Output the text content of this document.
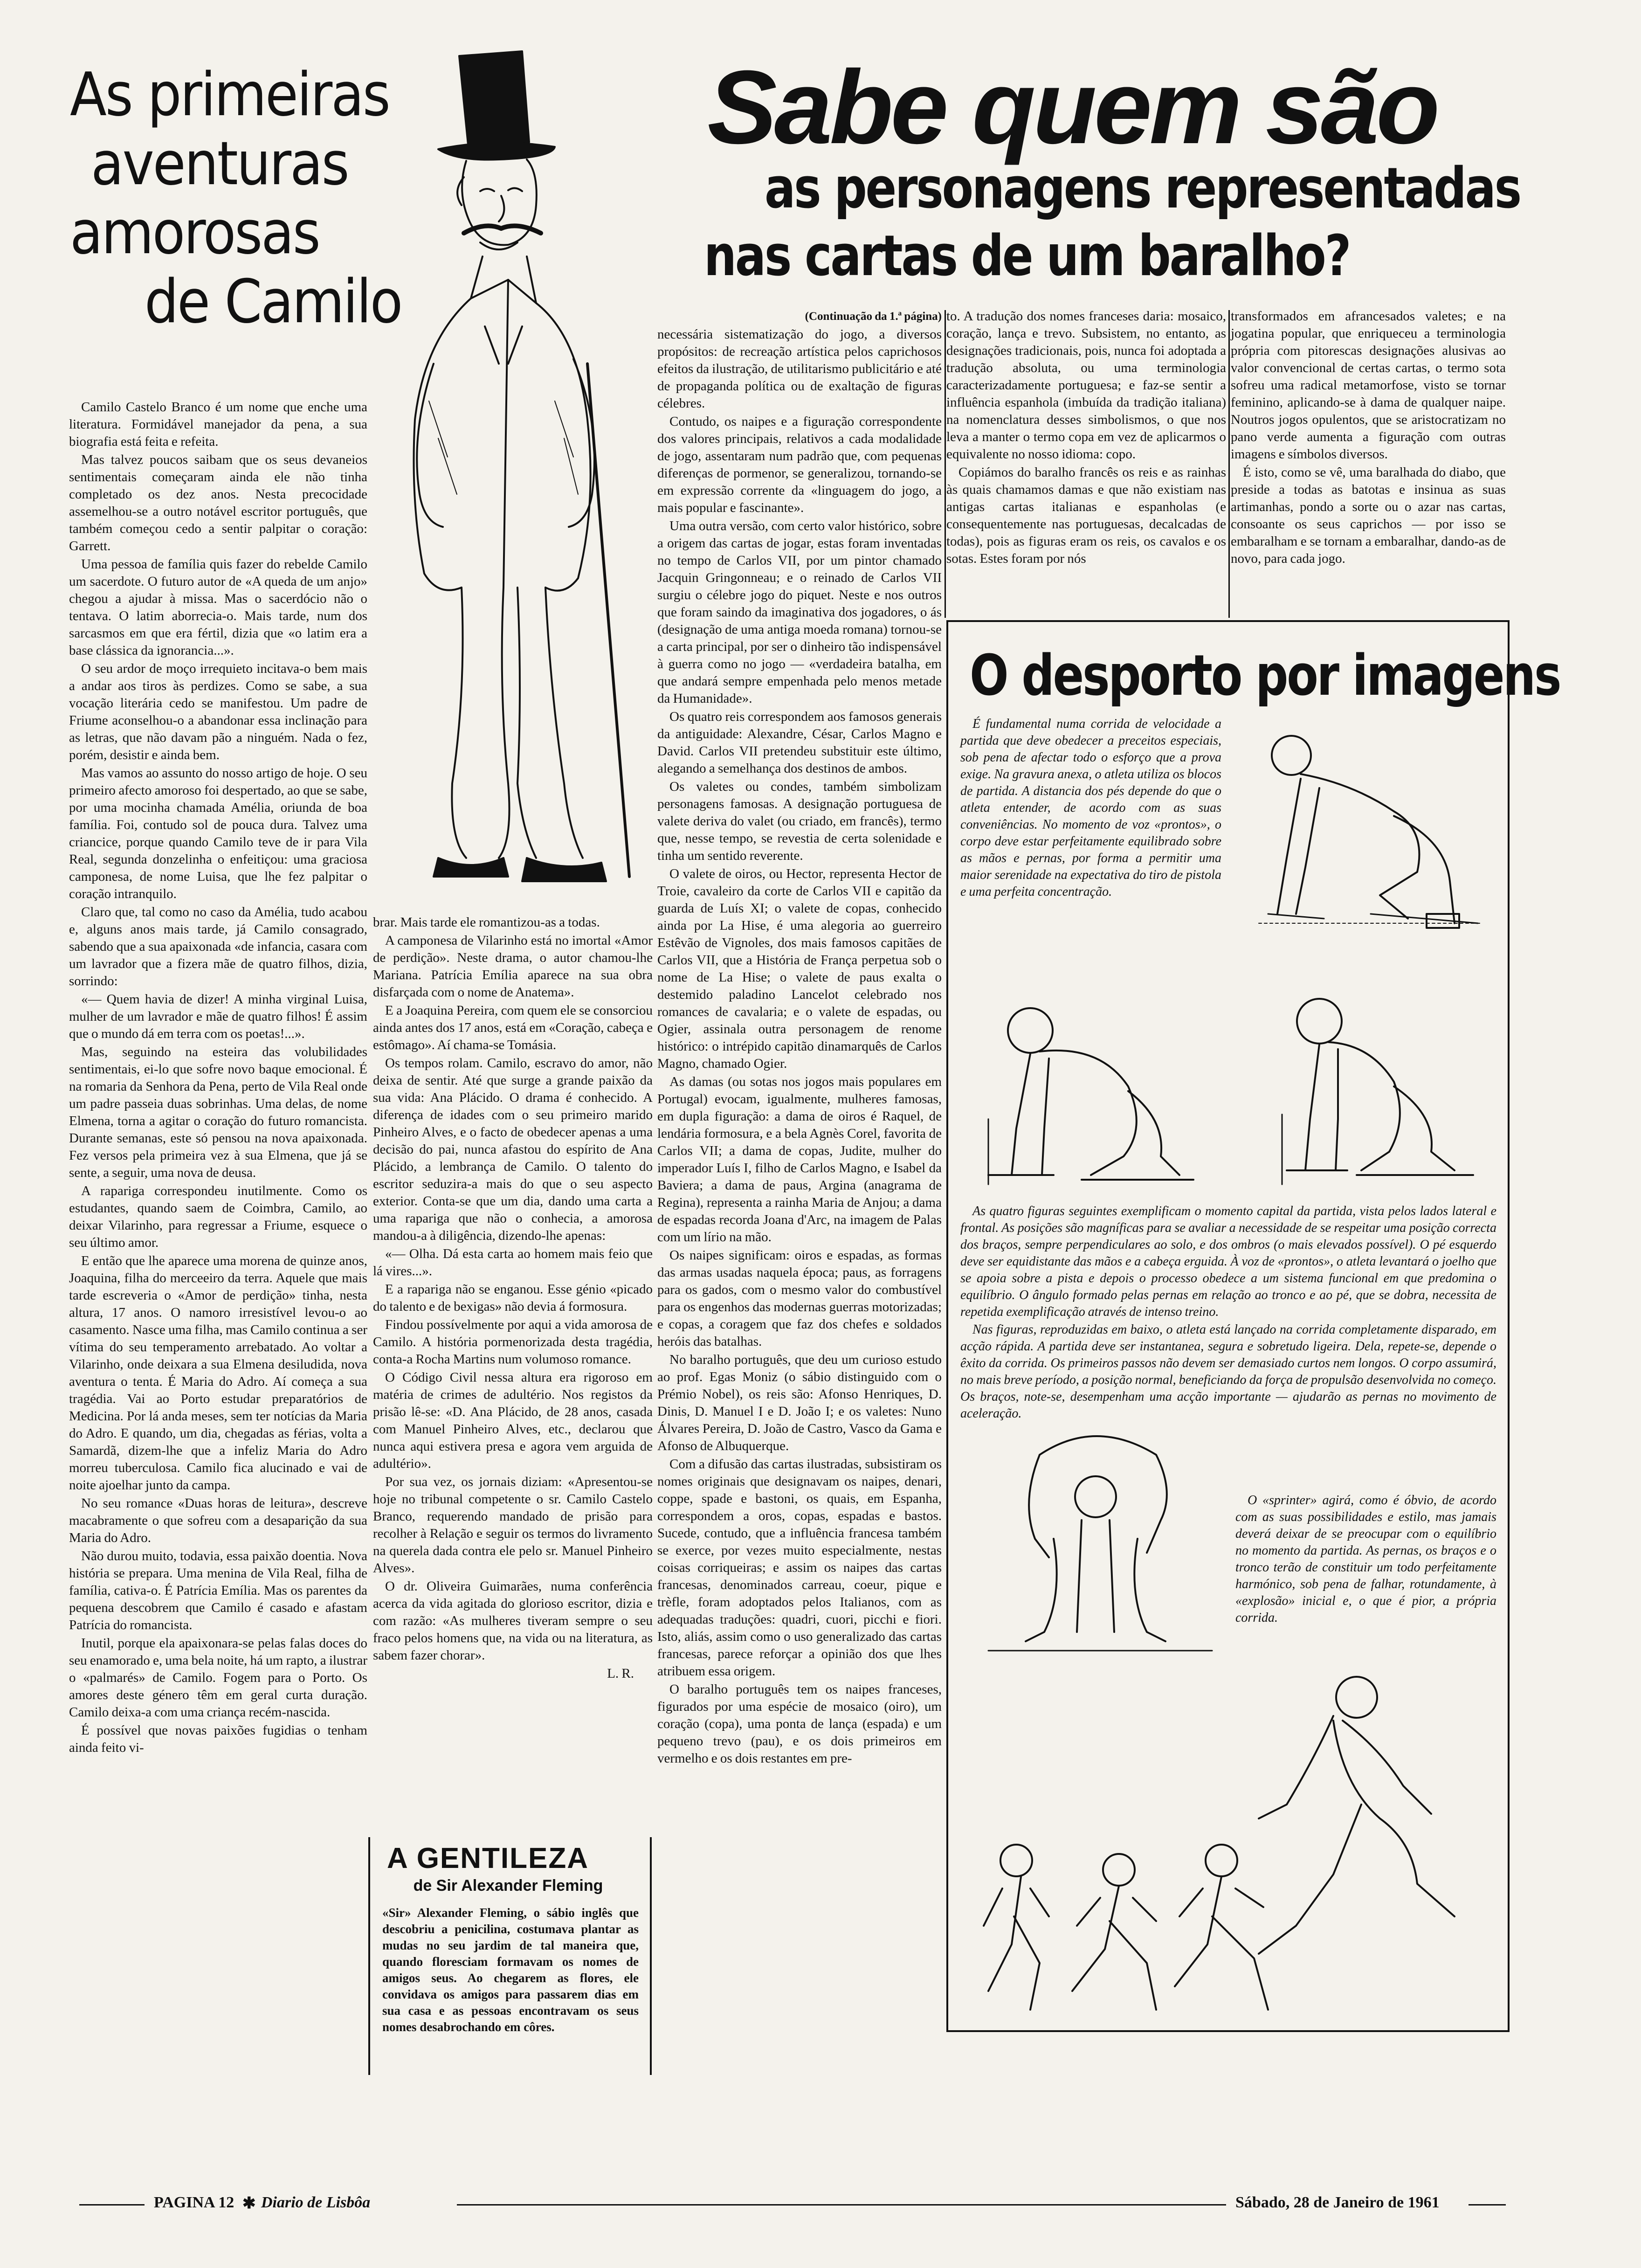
As primeiras
aventuras
amorosas
de Camilo

Camilo Castelo Branco é um nome que enche uma literatura. Formidável manejador da pena, a sua biografia está feita e refeita.

Mas talvez poucos saibam que os seus devaneios sentimentais começaram ainda ele não tinha completado os dez anos. Nesta precocidade assemelhou-se a outro notável escritor português, que também começou cedo a sentir palpitar o coração: Garrett.

Uma pessoa de família quis fazer do rebelde Camilo um sacerdote. O futuro autor de «A queda de um anjo» chegou a ajudar à missa. Mas o sacerdócio não o tentava. O latim aborrecia-o. Mais tarde, num dos sarcasmos em que era fértil, dizia que «o latim era a base clássica da ignorancia...».

O seu ardor de moço irrequieto incitava-o bem mais a andar aos tiros às perdizes. Como se sabe, a sua vocação literária cedo se manifestou. Um padre de Friume aconselhou-o a abandonar essa inclinação para as letras, que não davam pão a ninguém. Nada o fez, porém, desistir e ainda bem.

Mas vamos ao assunto do nosso artigo de hoje. O seu primeiro afecto amoroso foi despertado, ao que se sabe, por uma mocinha chamada Amélia, oriunda de boa família. Foi, contudo sol de pouca dura. Talvez uma criancice, porque quando Camilo teve de ir para Vila Real, segunda donzelinha o enfeitiçou: uma graciosa camponesa, de nome Luisa, que lhe fez palpitar o coração intranquilo.

Claro que, tal como no caso da Amélia, tudo acabou e, alguns anos mais tarde, já Camilo consagrado, sabendo que a sua apaixonada «de infancia, casara com um lavrador que a fizera mãe de quatro filhos, dizia, sorrindo:

«— Quem havia de dizer! A minha virginal Luisa, mulher de um lavrador e mãe de quatro filhos! É assim que o mundo dá em terra com os poetas!...».

Mas, seguindo na esteira das volubilidades sentimentais, ei-lo que sofre novo baque emocional. É na romaria da Senhora da Pena, perto de Vila Real onde um padre passeia duas sobrinhas. Uma delas, de nome Elmena, torna a agitar o coração do futuro romancista. Durante semanas, este só pensou na nova apaixonada. Fez versos pela primeira vez à sua Elmena, que já se sente, a seguir, uma nova de deusa.

A rapariga correspondeu inutilmente. Como os estudantes, quando saem de Coimbra, Camilo, ao deixar Vilarinho, para regressar a Friume, esquece o seu último amor.

E então que lhe aparece uma morena de quinze anos, Joaquina, filha do merceeiro da terra. Aquele que mais tarde escreveria o «Amor de perdição» tinha, nesta altura, 17 anos. O namoro irresistível levou-o ao casamento. Nasce uma filha, mas Camilo continua a ser vítima do seu temperamento arrebatado. Ao voltar a Vilarinho, onde deixara a sua Elmena desiludida, nova aventura o tenta. É Maria do Adro. Aí começa a sua tragédia. Vai ao Porto estudar preparatórios de Medicina. Por lá anda meses, sem ter notícias da Maria do Adro. E quando, um dia, chegadas as férias, volta a Samardã, dizem-lhe que a infeliz Maria do Adro morreu tuberculosa. Camilo fica alucinado e vai de noite ajoelhar junto da campa.

No seu romance «Duas horas de leitura», descreve macabramente o que sofreu com a desaparição da sua Maria do Adro.

Não durou muito, todavia, essa paixão doentia. Nova história se prepara. Uma menina de Vila Real, filha de família, cativa-o. É Patrícia Emília. Mas os parentes da pequena descobrem que Camilo é casado e afastam Patrícia do romancista.

Inutil, porque ela apaixonara-se pelas falas doces do seu enamorado e, uma bela noite, há um rapto, a ilustrar o «palmarés» de Camilo. Fogem para o Porto. Os amores deste género têm em geral curta duração. Camilo deixa-a com uma criança recém-nascida.

É possível que novas paixões fugidias o tenham ainda feito vi-

brar. Mais tarde ele romantizou-as a todas.

A camponesa de Vilarinho está no imortal «Amor de perdição». Neste drama, o autor chamou-lhe Mariana. Patrícia Emília aparece na sua obra disfarçada com o nome de Anatema».

E a Joaquina Pereira, com quem ele se consorciou ainda antes dos 17 anos, está em «Coração, cabeça e estômago». Aí chama-se Tomásia.

Os tempos rolam. Camilo, escravo do amor, não deixa de sentir. Até que surge a grande paixão da sua vida: Ana Plácido. O drama é conhecido. A diferença de idades com o seu primeiro marido Pinheiro Alves, e o facto de obedecer apenas a uma decisão do pai, nunca afastou do espírito de Ana Plácido, a lembrança de Camilo. O talento do escritor seduzira-a mais do que o seu aspecto exterior. Conta-se que um dia, dando uma carta a uma rapariga que não o conhecia, a amorosa mandou-a à diligência, dizendo-lhe apenas:

«— Olha. Dá esta carta ao homem mais feio que lá vires...».

E a rapariga não se enganou. Esse génio «picado do talento e de bexigas» não devia á formosura.

Findou possívelmente por aqui a vida amorosa de Camilo. A história porme​norizada desta tragédia, conta-a Rocha Martins num volumoso romance.

O Código Civil nessa altura era rigoroso em matéria de crimes de adultério. Nos registos da prisão lê-se: «D. Ana Plácido, de 28 anos, casada com Manuel Pinheiro Alves, etc., declarou que nunca aqui estivera presa e agora vem arguida de adultério».

Por sua vez, os jornais diziam: «Apresentou-se hoje no tribunal competente o sr. Camilo Castelo Branco, requerendo mandado de prisão para recolher à Relação e seguir os termos do livramento na querela dada contra ele pelo sr. Manuel Pinheiro Alves».

O dr. Oliveira Guimarães, numa conferência acerca da vida agitada do glorioso escritor, dizia e com razão: «As mulheres tiveram sempre o seu fraco pelos homens que, na vida ou na literatura, as sabem fazer chorar».

L. R.

Sabe quem são
as personagens representadas
nas cartas de um baralho?

(Continuação da 1.ª página)

necessária sistematização do jogo, a diversos propósitos: de recreação artística pelos caprichosos efeitos da ilustração, de utilitarismo publicitário e até de propaganda política ou de exaltação de figuras célebres.

Contudo, os naipes e a figuração correspondente dos valores principais, relativos a cada modalidade de jogo, assentaram num padrão que, com pequenas diferenças de pormenor, se generalizou, tornando-se em expressão corrente da «linguagem do jogo, a mais popular e fascinante».

Uma outra versão, com certo valor histórico, sobre a origem das cartas de jogar, estas foram inventadas no tempo de Carlos VII, por um pintor chamado Jacquin Gringonneau; e o reinado de Carlos VII surgiu o célebre jogo do piquet. Neste e nos outros que foram saindo da imaginativa dos jogadores, o ás (designação de uma antiga moeda romana) tornou-se a carta principal, por ser o dinheiro tão indispensável à guerra como no jogo — «verdadeira batalha, em que andará sempre empenhada pelo menos metade da Humanidade».

Os quatro reis correspondem aos famosos generais da antiguidade: Alexandre, César, Carlos Magno e David. Carlos VII pretendeu substituir este último, alegando a semelhança dos destinos de ambos.

Os valetes ou condes, também simbolizam personagens famosas. A designação portuguesa de valete deriva do valet (ou criado, em francês), termo que, nesse tempo, se revestia de certa solenidade e tinha um sentido reverente.

O valete de oiros, ou Hector, representa Hector de Troie, cavaleiro da corte de Carlos VII e capitão da guarda de Luís XI; o valete de copas, conhecido ainda por La Hise, é uma alegoria ao guerreiro Estêvão de Vignoles, dos mais famosos capitães de Carlos VII, que a História de França perpetua sob o nome de La Hise; o valete de paus exalta o destemido paladino Lancelot celebrado nos romances de cavalaria; e o valete de espadas, ou Ogier, assinala outra personagem de renome histórico: o intrépido capitão dinamarquês de Carlos Magno, chamado Ogier.

As damas (ou sotas nos jogos mais populares em Portugal) evocam, igualmente, mulheres famosas, em dupla figuração: a dama de oiros é Raquel, de lendária formosura, e a bela Agnès Corel, favorita de Carlos VII; a dama de copas, Judite, mulher do imperador Luís I, filho de Carlos Magno, e Isabel da Baviera; a dama de paus, Argina (anagrama de Regina), representa a rainha Maria de Anjou; a dama de espadas recorda Joana d'Arc, na imagem de Palas com um lírio na mão.

Os naipes significam: oiros e espadas, as formas das armas usadas naquela época; paus, as forragens para os gados, com o mesmo valor do combustível para os engenhos das modernas guerras motorizadas; e copas, a coragem que faz dos chefes e soldados heróis das batalhas.

No baralho português, que deu um curioso estudo ao prof. Egas Moniz (o sábio distinguido com o Prémio Nobel), os reis são: Afonso Henriques, D. Dinis, D. Manuel I e D. João I; e os valetes: Nuno Álvares Pereira, D. João de Castro, Vasco da Gama e Afonso de Albuquerque.

Com a difusão das cartas ilustradas, subsistiram os nomes originais que designavam os naipes, denari, coppe, spade e bastoni, os quais, em Espanha, correspondem a oros, copas, espadas e bastos. Sucede, contudo, que a influência francesa também se exerce, por vezes muito especialmente, nestas coisas corriqueiras; e assim os naipes das cartas francesas, denominados carreau, coeur, pique e trèfle, foram adoptados pelos Italianos, com as adequadas traduções: quadri, cuori, picchi e fiori. Isto, aliás, assim como o uso generalizado das cartas francesas, parece reforçar a opinião dos que lhes atribuem essa origem.

O baralho português tem os naipes franceses, figurados por uma espécie de mosaico (oiro), um coração (copa), uma ponta de lança (espada) e um pequeno trevo (pau), e os dois primeiros em vermelho e os dois restantes em pre-

to. A tradução dos nomes franceses daria: mosaico, coração, lança e trevo. Subsistem, no entanto, as designações tradicionais, pois, nunca foi adoptada a tradução absoluta, ou uma terminologia caracterizadamente portuguesa; e faz-se sentir a influência espanhola (imbuída da tradição italiana) na nomenclatura desses simbolismos, o que nos leva a manter o termo copa em vez de aplicarmos o equivalente no nosso idioma: copo.

Copiámos do baralho francês os reis e as rainhas às quais chamamos damas e que não existiam nas antigas cartas italianas e espanholas (e consequentemente nas portuguesas, decalcadas de todas), pois as figuras eram os reis, os cavalos e os sotas. Estes foram por nós

transformados em afrancesados valetes; e na jogatina popular, que enriqueceu a terminologia própria com pitorescas designações alusivas ao valor convencional de certas cartas, o termo sota sofreu uma radical metamorfose, visto se tornar feminino, aplicando-se à dama de qualquer naipe. Noutros jogos opulentos, que se aristocratizam no pano verde aumenta a figuração com outras imagens e símbolos diversos.

É isto, como se vê, uma baralhada do diabo, que preside a todas as batotas e insinua as suas artimanhas, pondo a sorte ou o azar nas cartas, consoante os seus caprichos — por isso se embaralham e se tornam a embaralhar, dando-as de novo, para cada jogo.

O desporto por imagens

É fundamental numa corrida de velocidade a partida que deve obedecer a preceitos especiais, sob pena de afectar todo o esforço que a prova exige. Na gravura anexa, o atleta utiliza os blocos de partida. A distancia dos pés depende do que o atleta entender, de acordo com as suas conveniências. No momento de voz «prontos», o corpo deve estar perfeitamente equilibrado sobre as mãos e pernas, por forma a permitir uma maior serenidade na expectativa do tiro de pistola e uma perfeita concentração.

As quatro figuras seguintes exemplificam o momento capital da partida, vista pelos lados lateral e frontal. As posições são magníficas para se avaliar a necessidade de se respeitar uma posição correcta dos braços, sempre perpendiculares ao solo, e dos ombros (o mais elevados possível). O pé esquerdo deve ser equidistante das mãos e a cabeça erguida. À voz de «prontos», o atleta levantará o joelho que se apoia sobre a pista e depois o processo obedece a um sistema funcional em que predomina o equilíbrio. O ângulo formado pelas pernas em relação ao tronco e ao pé, que se dobra, necessita de repetida exemplificação através de intenso treino.

Nas figuras, reproduzidas em baixo, o atleta está lançado na corrida completamente disparado, em acção rápida. A partida deve ser instantanea, segura e sobretudo ligeira. Dela, repete-se, depende o êxito da corrida. Os primeiros passos não devem ser demasiado curtos nem longos. O corpo assumirá, no mais breve período, a posição normal, beneficiando da força de propulsão desenvolvida no começo. Os braços, note-se, desempenham uma acção importante — ajudarão as pernas no movimento de aceleração.

O «sprinter» agirá, como é óbvio, de acordo com as suas possibilidades e estilo, mas jamais deverá deixar de se preocupar com o equilíbrio no momento da partida. As pernas, os braços e o tronco terão de constituir um todo perfeitamente harmónico, sob pena de falhar, rotundamente, à «explosão» inicial e, o que é pior, a própria corrida.

A GENTILEZA
de Sir Alexander Fleming
«Sir» Alexander Fleming, o sábio inglês que descobriu a penicilina, costumava plantar as mudas no seu jardim de tal maneira que, quando floresciam formavam os nomes de amigos seus. Ao chegarem as flores, ele convidava os amigos para passarem dias em sua casa e as pessoas encontravam os seus nomes desabrochando em côres.
PAGINA 12 ✱ Diario de Lisbôa	Sábado, 28 de Janeiro de 1961
